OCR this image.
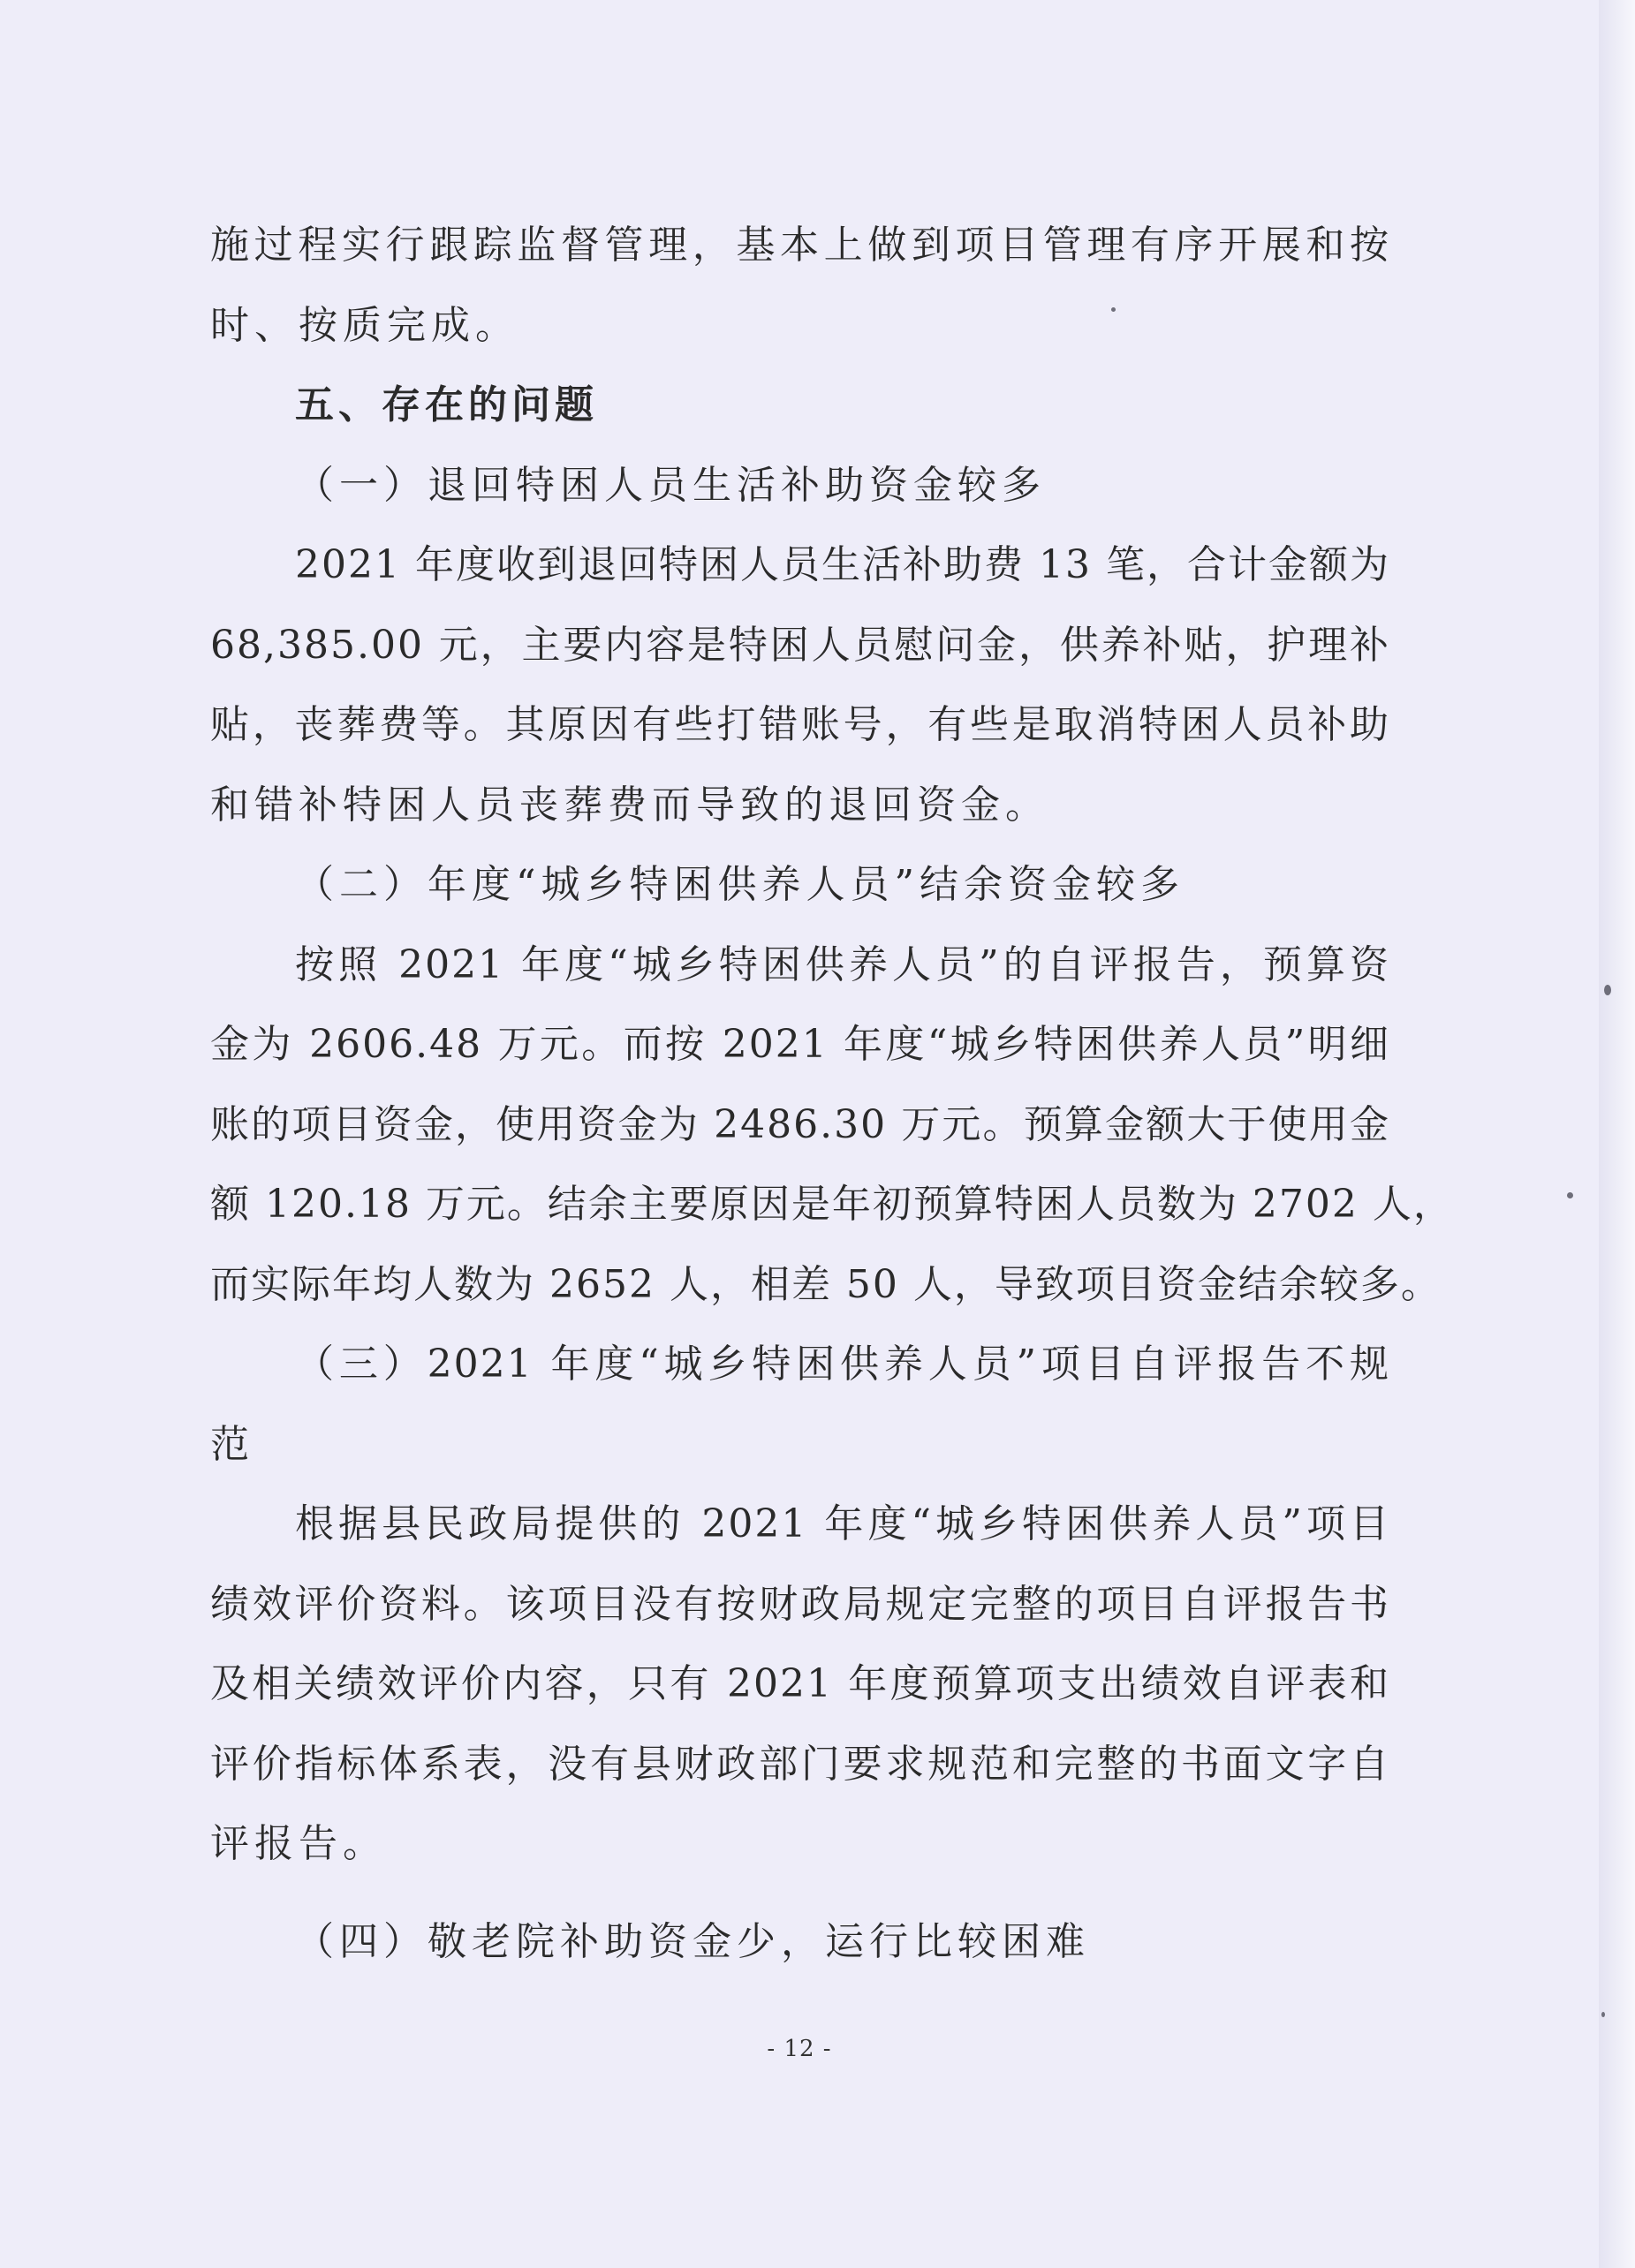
施过程实行跟踪监督管理，基本上做到项目管理有序开展和按
时、按质完成。
五、存在的问题
（一）退回特困人员生活补助资金较多
2021 年度收到退回特困人员生活补助费 13 笔，合计金额为
68,385.00 元，主要内容是特困人员慰问金，供养补贴，护理补
贴，丧葬费等。其原因有些打错账号，有些是取消特困人员补助
和错补特困人员丧葬费而导致的退回资金。
（二）年度“城乡特困供养人员”结余资金较多
按照 2021 年度“城乡特困供养人员”的自评报告，预算资
金为 2606.48 万元。而按 2021 年度“城乡特困供养人员”明细
账的项目资金，使用资金为 2486.30 万元。预算金额大于使用金
额 120.18 万元。结余主要原因是年初预算特困人员数为 2702 人，
而实际年均人数为 2652 人，相差 50 人，导致项目资金结余较多。
（三）2021 年度“城乡特困供养人员”项目自评报告不规
范
根据县民政局提供的 2021 年度“城乡特困供养人员”项目
绩效评价资料。该项目没有按财政局规定完整的项目自评报告书
及相关绩效评价内容，只有 2021 年度预算项支出绩效自评表和
评价指标体系表，没有县财政部门要求规范和完整的书面文字自
评报告。
（四）敬老院补助资金少，运行比较困难
- 12 -
